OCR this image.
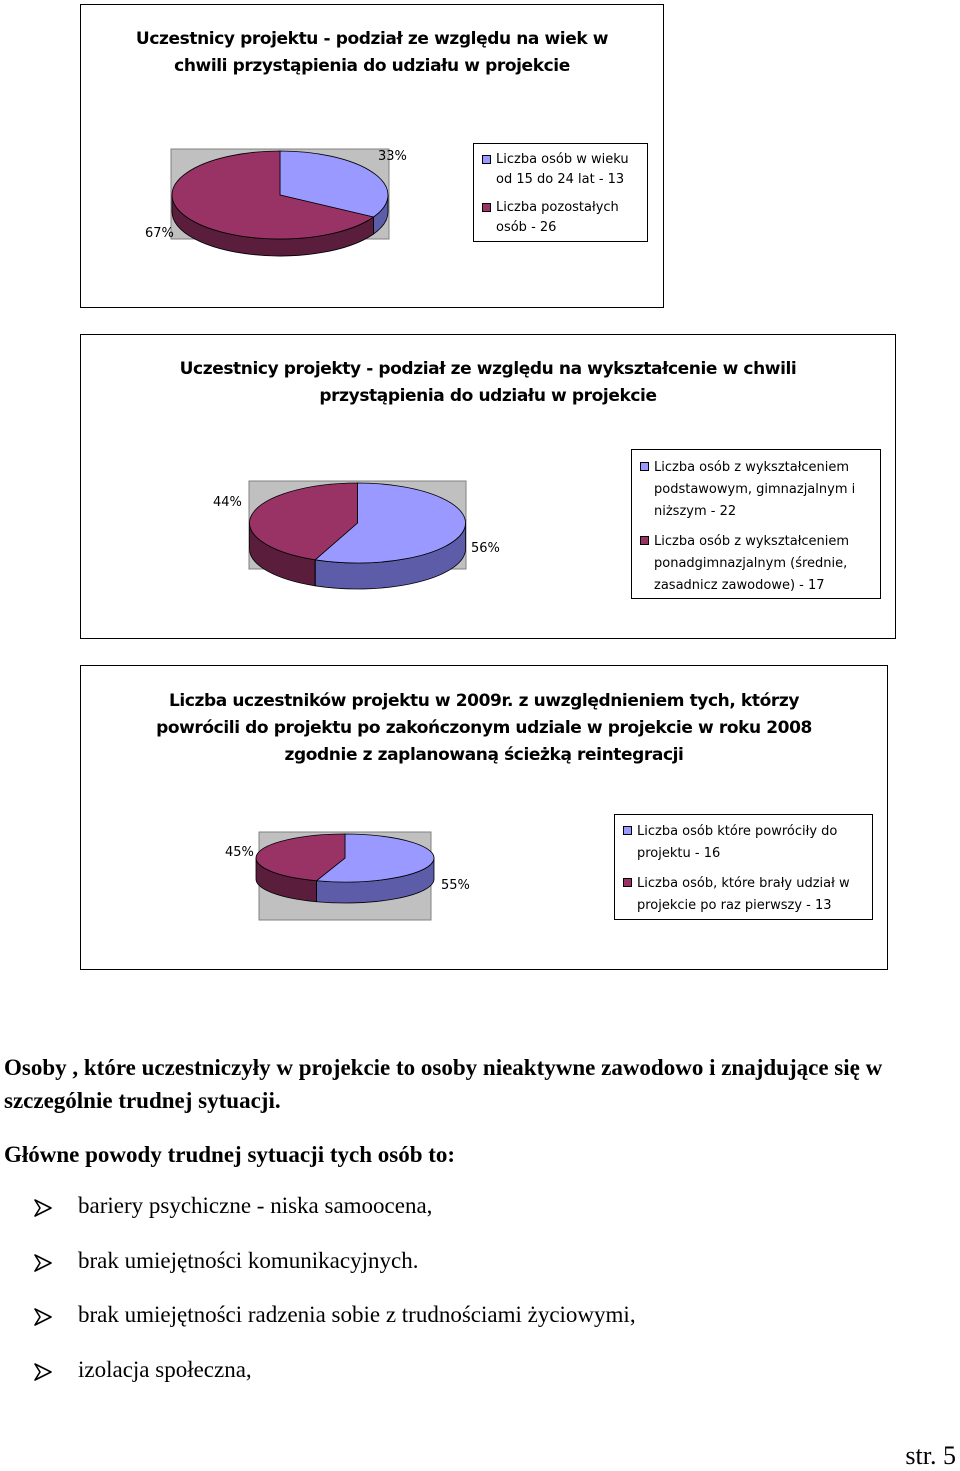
Uczestnicy projektu - podział ze względu na wiek w
chwili przystąpienia do udziału w projekcie
33%
67%
Liczba osób w wieku
od 15 do 24 lat - 13
Liczba pozostałych
osób - 26
Uczestnicy projekty - podział ze względu na wykształcenie w chwili
przystąpienia do udziału w projekcie
56%
44%
Liczba osób z wykształceniem
podstawowym, gimnazjalnym i
niższym - 22
Liczba osób z wykształceniem
ponadgimnazjalnym (średnie,
zasadnicz zawodowe) - 17
Liczba uczestników projektu w 2009r. z uwzględnieniem tych, którzy
powrócili do projektu po zakończonym udziale w projekcie w roku 2008
zgodnie z zaplanowaną ścieżką reintegracji
55%
45%
Liczba osób które powróciły do
projektu - 16
Liczba osób, które brały udział w
projekcie po raz pierwszy - 13
Osoby , które uczestniczyły w projekcie to osoby nieaktywne zawodowo i znajdujące się w szczególnie trudnej sytuacji.
Główne powody trudnej sytuacji tych osób to:
bariery psychiczne - niska samoocena,
brak umiejętności komunikacyjnych.
brak umiejętności radzenia sobie z trudnościami życiowymi,
izolacja społeczna,
str. 5
